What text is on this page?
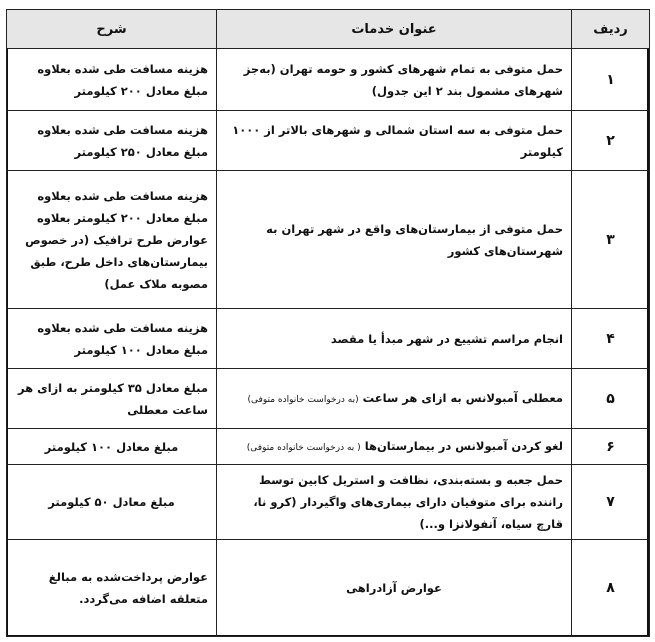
ردیف	عنوان خدمات	شرح
۱	حمل متوفی به تمام شهرهای کشور و حومه تهران (به‌جز شهرهای مشمول بند ۲ این جدول)	هزینه مسافت طی شده بعلاوه مبلغ معادل ۲۰۰ کیلومتر
۲	حمل متوفی به سه استان شمالی و شهرهای بالاتر از ۱۰۰۰ کیلومتر	هزینه مسافت طی شده بعلاوه مبلغ معادل ۲۵۰ کیلومتر
۳	حمل متوفی از بیمارستان‌های واقع در شهر تهران به شهرستان‌های کشور	هزینه مسافت طی شده بعلاوه مبلغ معادل ۲۰۰ کیلومتر بعلاوه عوارض طرح ترافیک (در خصوص بیمارستان‌های داخل طرح، طبق مصوبه ملاک عمل)
۴	انجام مراسم تشییع در شهر مبدأ یا مقصد	هزینه مسافت طی شده بعلاوه مبلغ معادل ۱۰۰ کیلومتر
۵	معطلی آمبولانس به ازای هر ساعت (به درخواست خانواده متوفی)	مبلغ معادل ۳۵ کیلومتر به ازای هر ساعت معطلی
۶	لغو کردن آمبولانس در بیمارستان‌ها ( به درخواست خانواده متوفی)	مبلغ معادل ۱۰۰ کیلومتر
۷	حمل جعبه و بسته‌بندی، نظافت و استریل کابین توسط راننده برای متوفیان دارای بیماری‌های واگیردار (کرو نا، قارچ سیاه، آنفولانزا و...)	مبلغ معادل ۵۰ کیلومتر
۸	عوارض آزادراهی	عوارض پرداخت‌شده به مبالغ متعلقه اضافه می‌گردد.
